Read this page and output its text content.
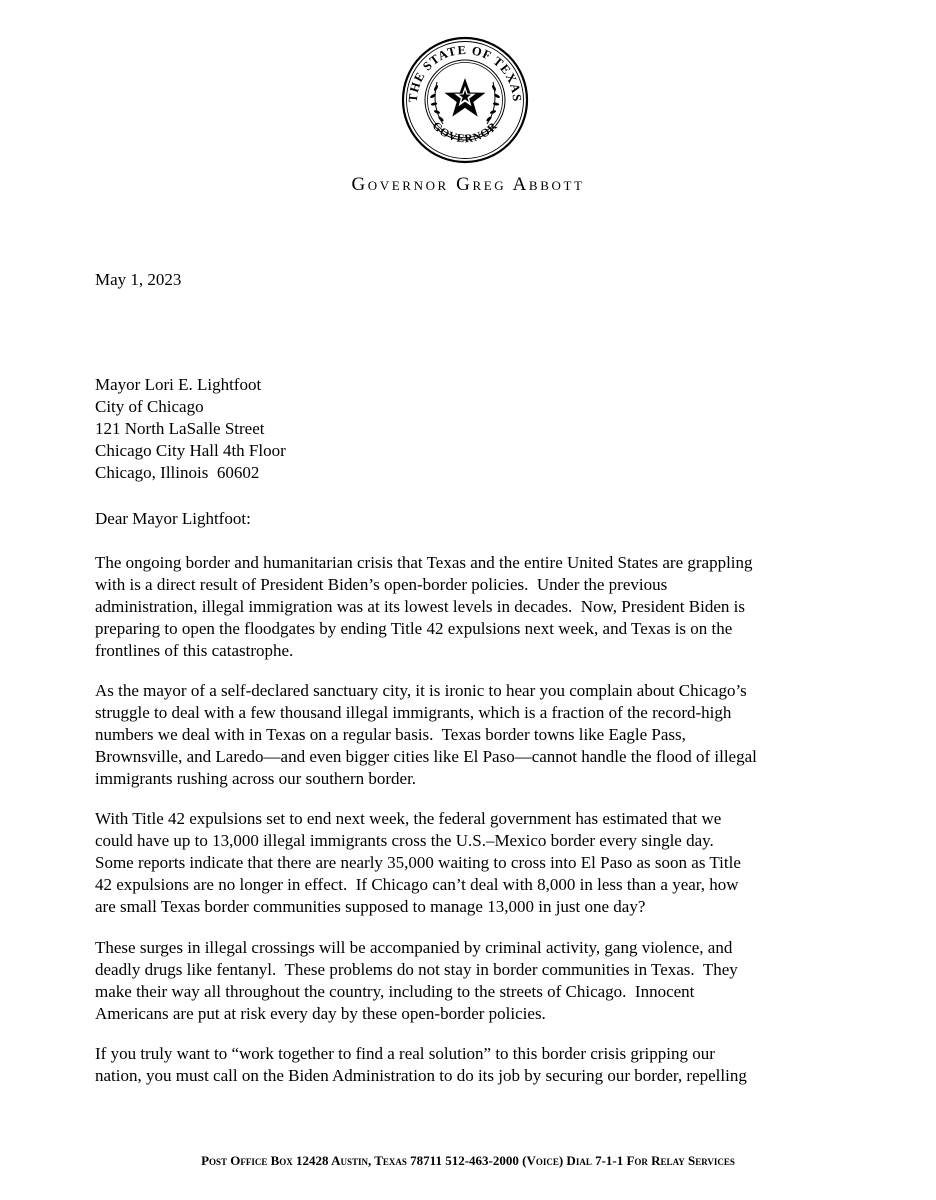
THE STATE OF TEXAS
GOVERNOR
Governor Greg Abbott
May 1, 2023
Mayor Lori E. Lightfoot
City of Chicago
121 North LaSalle Street
Chicago City Hall 4th Floor
Chicago, Illinois  60602
Dear Mayor Lightfoot:
The ongoing border and humanitarian crisis that Texas and the entire United States are grappling
with is a direct result of President Biden’s open-border policies.  Under the previous
administration, illegal immigration was at its lowest levels in decades.  Now, President Biden is
preparing to open the floodgates by ending Title 42 expulsions next week, and Texas is on the
frontlines of this catastrophe.
As the mayor of a self-declared sanctuary city, it is ironic to hear you complain about Chicago’s
struggle to deal with a few thousand illegal immigrants, which is a fraction of the record-high
numbers we deal with in Texas on a regular basis.  Texas border towns like Eagle Pass,
Brownsville, and Laredo—and even bigger cities like El Paso—cannot handle the flood of illegal
immigrants rushing across our southern border.
With Title 42 expulsions set to end next week, the federal government has estimated that we
could have up to 13,000 illegal immigrants cross the U.S.–Mexico border every single day.
Some reports indicate that there are nearly 35,000 waiting to cross into El Paso as soon as Title
42 expulsions are no longer in effect.  If Chicago can’t deal with 8,000 in less than a year, how
are small Texas border communities supposed to manage 13,000 in just one day?
These surges in illegal crossings will be accompanied by criminal activity, gang violence, and
deadly drugs like fentanyl.  These problems do not stay in border communities in Texas.  They
make their way all throughout the country, including to the streets of Chicago.  Innocent
Americans are put at risk every day by these open-border policies.
If you truly want to “work together to find a real solution” to this border crisis gripping our
nation, you must call on the Biden Administration to do its job by securing our border, repelling
Post Office Box 12428 Austin, Texas 78711 512-463-2000 (Voice) Dial 7-1-1 For Relay Services
